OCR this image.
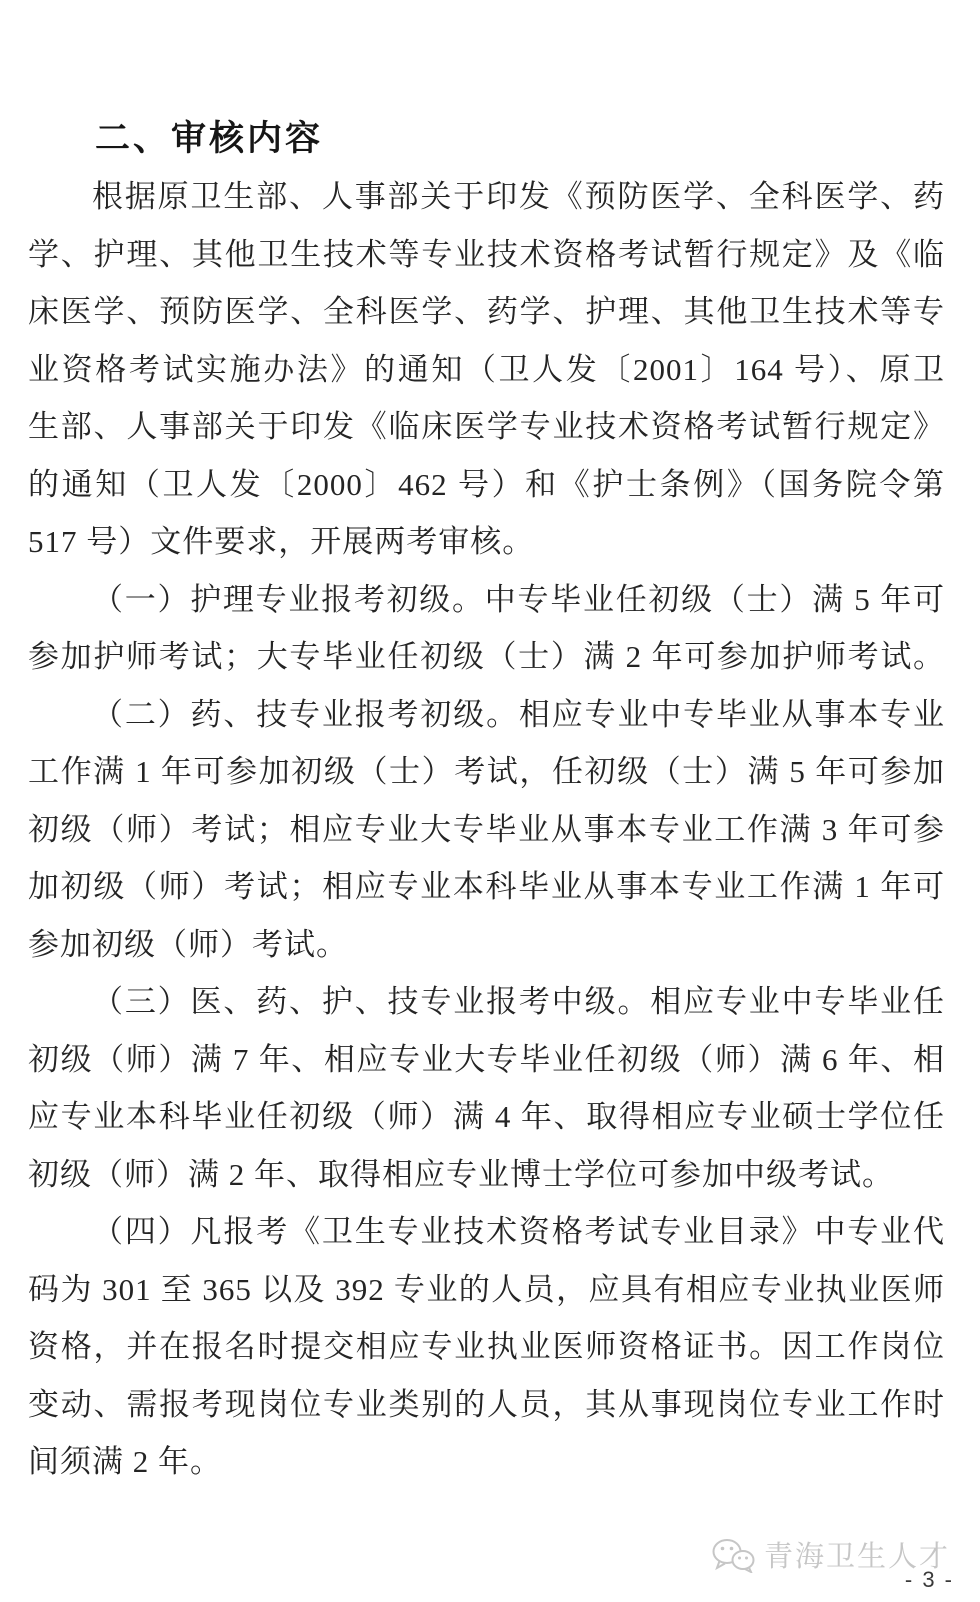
二、审核内容
根据原卫生部、人事部关于印发《预防医学、全科医学、药
学、护理、其他卫生技术等专业技术资格考试暂行规定》及《临
床医学、预防医学、全科医学、药学、护理、其他卫生技术等专
业资格考试实施办法》的通知（卫人发〔2001〕164 号）、原卫
生部、人事部关于印发《临床医学专业技术资格考试暂行规定》
的通知（卫人发〔2000〕462 号）和《护士条例》（国务院令第
517 号）文件要求，开展两考审核。
（一）护理专业报考初级。中专毕业任初级（士）满 5 年可
参加护师考试；大专毕业任初级（士）满 2 年可参加护师考试。
（二）药、技专业报考初级。相应专业中专毕业从事本专业
工作满 1 年可参加初级（士）考试，任初级（士）满 5 年可参加
初级（师）考试；相应专业大专毕业从事本专业工作满 3 年可参
加初级（师）考试；相应专业本科毕业从事本专业工作满 1 年可
参加初级（师）考试。
（三）医、药、护、技专业报考中级。相应专业中专毕业任
初级（师）满 7 年、相应专业大专毕业任初级（师）满 6 年、相
应专业本科毕业任初级（师）满 4 年、取得相应专业硕士学位任
初级（师）满 2 年、取得相应专业博士学位可参加中级考试。
（四）凡报考《卫生专业技术资格考试专业目录》中专业代
码为 301 至 365 以及 392 专业的人员，应具有相应专业执业医师
资格，并在报名时提交相应专业执业医师资格证书。因工作岗位
变动、需报考现岗位专业类别的人员，其从事现岗位专业工作时
间须满 2 年。
青海卫生人才
- 3 -
